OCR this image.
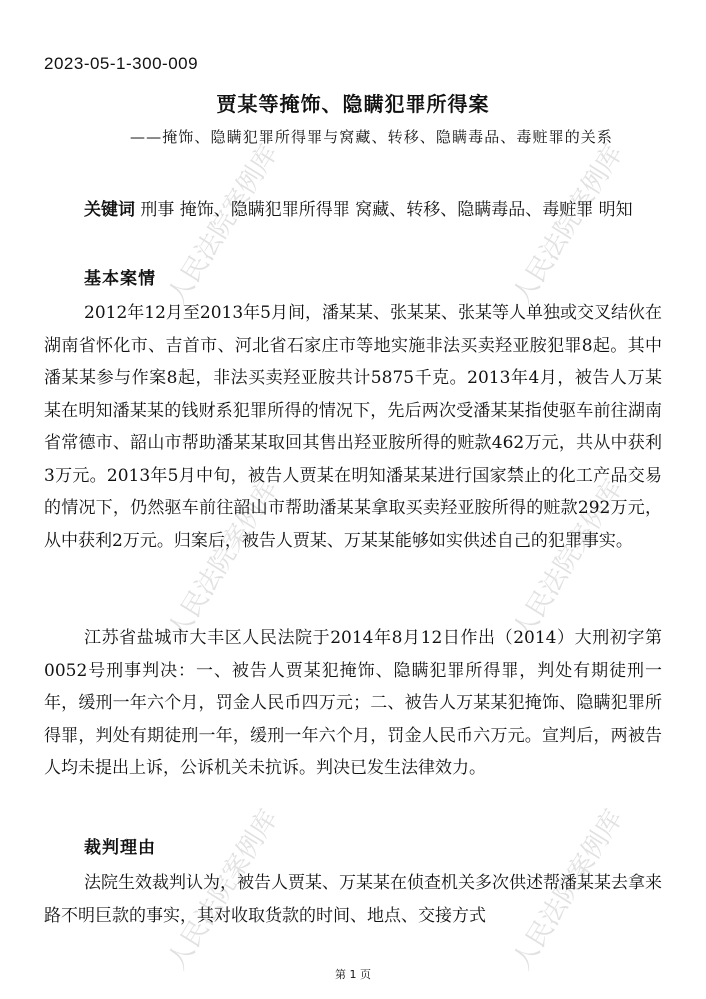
人民法院案例库	人民法院案例库
人民法院案例库	人民法院案例库
人民法院案例库	人民法院案例库
2023-05-1-300-009
贾某等掩饰、隐瞒犯罪所得案
——掩饰、隐瞒犯罪所得罪与窝藏、转移、隐瞒毒品、毒赃罪的关系
关键词 刑事 掩饰、隐瞒犯罪所得罪 窝藏、转移、隐瞒毒品、毒赃罪 明知
基本案情
2012年12月至2013年5月间，潘某某、张某某、张某等人单独或交叉结伙在湖南省怀化市、吉首市、河北省石家庄市等地实施非法买卖羟亚胺犯罪8起。其中潘某某参与作案8起，非法买卖羟亚胺共计5875千克。2013年4月，被告人万某某在明知潘某某的钱财系犯罪所得的情况下，先后两次受潘某某指使驱车前往湖南省常德市、韶山市帮助潘某某取回其售出羟亚胺所得的赃款462万元，共从中获利3万元。2013年5月中旬，被告人贾某在明知潘某某进行国家禁止的化工产品交易的情况下，仍然驱车前往韶山市帮助潘某某拿取买卖羟亚胺所得的赃款292万元，从中获利2万元。归案后，被告人贾某、万某某能够如实供述自己的犯罪事实。
江苏省盐城市大丰区人民法院于2014年8月12日作出（2014）大刑初字第0052号刑事判决：一、被告人贾某犯掩饰、隐瞒犯罪所得罪，判处有期徒刑一年，缓刑一年六个月，罚金人民币四万元；二、被告人万某某犯掩饰、隐瞒犯罪所得罪，判处有期徒刑一年，缓刑一年六个月，罚金人民币六万元。宣判后，两被告人均未提出上诉，公诉机关未抗诉。判决已发生法律效力。
裁判理由
法院生效裁判认为，被告人贾某、万某某在侦查机关多次供述帮潘某某去拿来路不明巨款的事实，其对收取货款的时间、地点、交接方式
第 1 页
